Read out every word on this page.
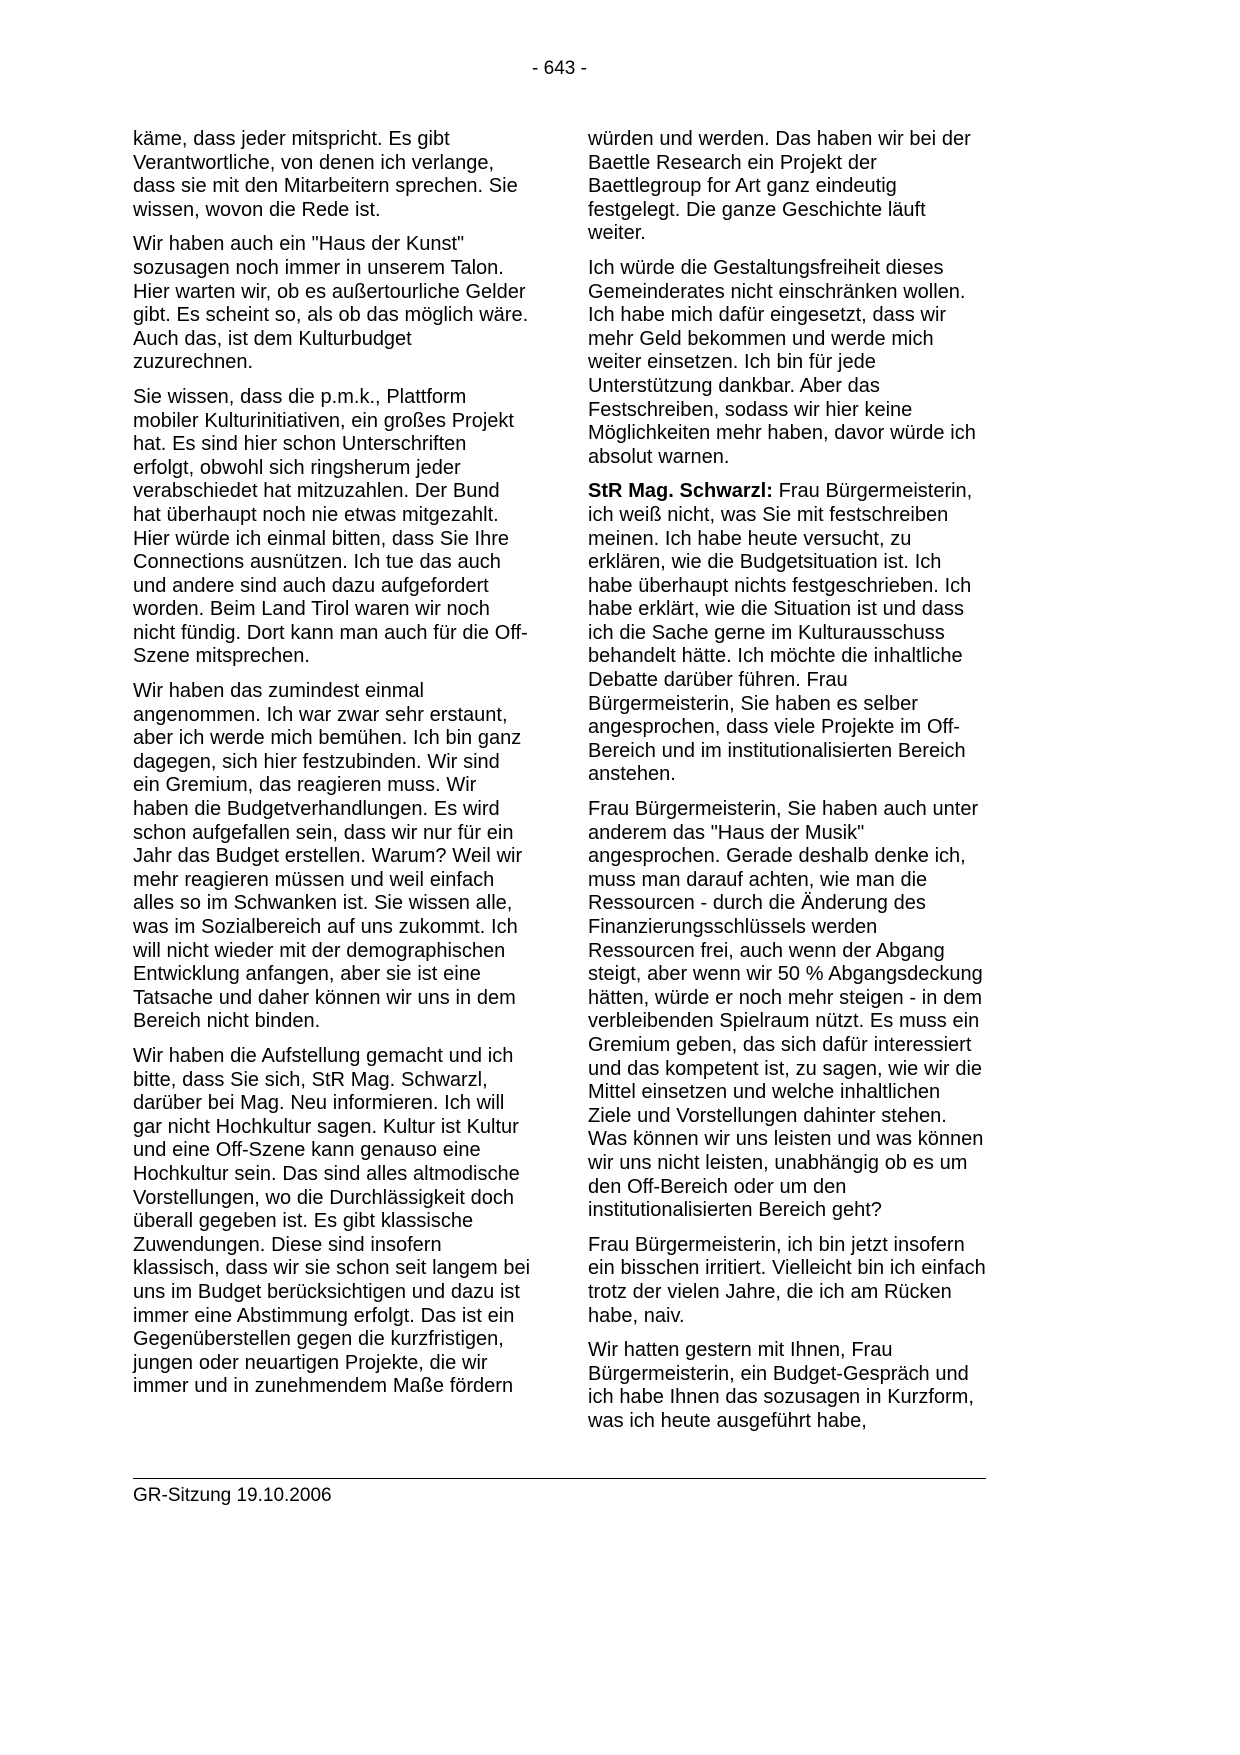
- 643 -

käme, dass jeder mitspricht. Es gibt Verantwortliche, von denen ich verlange, dass sie mit den Mitarbeitern sprechen. Sie wissen, wovon die Rede ist.

Wir haben auch ein "Haus der Kunst" sozusagen noch immer in unserem Talon. Hier warten wir, ob es außertourliche Gelder gibt. Es scheint so, als ob das möglich wäre. Auch das, ist dem Kulturbudget zuzurechnen.

Sie wissen, dass die p.m.k., Plattform mobiler Kulturinitiativen, ein großes Projekt hat. Es sind hier schon Unterschriften erfolgt, obwohl sich ringsherum jeder verabschiedet hat mitzuzahlen. Der Bund hat überhaupt noch nie etwas mitgezahlt. Hier würde ich einmal bitten, dass Sie Ihre Connections ausnützen. Ich tue das auch und andere sind auch dazu aufgefordert worden. Beim Land Tirol waren wir noch nicht fündig. Dort kann man auch für die Off-Szene mitsprechen.

Wir haben das zumindest einmal angenommen. Ich war zwar sehr erstaunt, aber ich werde mich bemühen. Ich bin ganz dagegen, sich hier festzubinden. Wir sind ein Gremium, das reagieren muss. Wir haben die Budgetverhandlungen. Es wird schon aufgefallen sein, dass wir nur für ein Jahr das Budget erstellen. Warum? Weil wir mehr reagieren müssen und weil einfach alles so im Schwanken ist. Sie wissen alle, was im Sozialbereich auf uns zukommt. Ich will nicht wieder mit der demographischen Entwicklung anfangen, aber sie ist eine Tatsache und daher können wir uns in dem Bereich nicht binden.

Wir haben die Aufstellung gemacht und ich bitte, dass Sie sich, StR Mag. Schwarzl, darüber bei Mag. Neu informieren. Ich will gar nicht Hochkultur sagen. Kultur ist Kultur und eine Off-Szene kann genauso eine Hochkultur sein. Das sind alles altmodische Vorstellungen, wo die Durchlässigkeit doch überall gegeben ist. Es gibt klassische Zuwendungen. Diese sind insofern klassisch, dass wir sie schon seit langem bei uns im Budget berücksichtigen und dazu ist immer eine Abstimmung erfolgt. Das ist ein Gegenüberstellen gegen die kurzfristigen, jungen oder neuartigen Projekte, die wir immer und in zunehmendem Maße fördern

würden und werden. Das haben wir bei der Baettle Research ein Projekt der Baettlegroup for Art ganz eindeutig festgelegt. Die ganze Geschichte läuft weiter.

Ich würde die Gestaltungsfreiheit dieses Gemeinderates nicht einschränken wollen. Ich habe mich dafür eingesetzt, dass wir mehr Geld bekommen und werde mich weiter einsetzen. Ich bin für jede Unterstützung dankbar. Aber das Festschreiben, sodass wir hier keine Möglichkeiten mehr haben, davor würde ich absolut warnen.

StR Mag. Schwarzl: Frau Bürgermeisterin, ich weiß nicht, was Sie mit festschreiben meinen. Ich habe heute versucht, zu erklären, wie die Budgetsituation ist. Ich habe überhaupt nichts festgeschrieben. Ich habe erklärt, wie die Situation ist und dass ich die Sache gerne im Kulturausschuss behandelt hätte. Ich möchte die inhaltliche Debatte darüber führen. Frau Bürgermeisterin, Sie haben es selber angesprochen, dass viele Projekte im Off-Bereich und im institutionalisierten Bereich anstehen.

Frau Bürgermeisterin, Sie haben auch unter anderem das "Haus der Musik" angesprochen. Gerade deshalb denke ich, muss man darauf achten, wie man die Ressourcen - durch die Änderung des Finanzierungsschlüssels werden Ressourcen frei, auch wenn der Abgang steigt, aber wenn wir 50 % Abgangsdeckung hätten, würde er noch mehr steigen - in dem verbleibenden Spielraum nützt. Es muss ein Gremium geben, das sich dafür interessiert und das kompetent ist, zu sagen, wie wir die Mittel einsetzen und welche inhaltlichen Ziele und Vorstellungen dahinter stehen. Was können wir uns leisten und was können wir uns nicht leisten, unabhängig ob es um den Off-Bereich oder um den institutionalisierten Bereich geht?

Frau Bürgermeisterin, ich bin jetzt insofern ein bisschen irritiert. Vielleicht bin ich einfach trotz der vielen Jahre, die ich am Rücken habe, naiv.

Wir hatten gestern mit Ihnen, Frau Bürgermeisterin, ein Budget-Gespräch und ich habe Ihnen das sozusagen in Kurzform, was ich heute ausgeführt habe,

GR-Sitzung 19.10.2006
